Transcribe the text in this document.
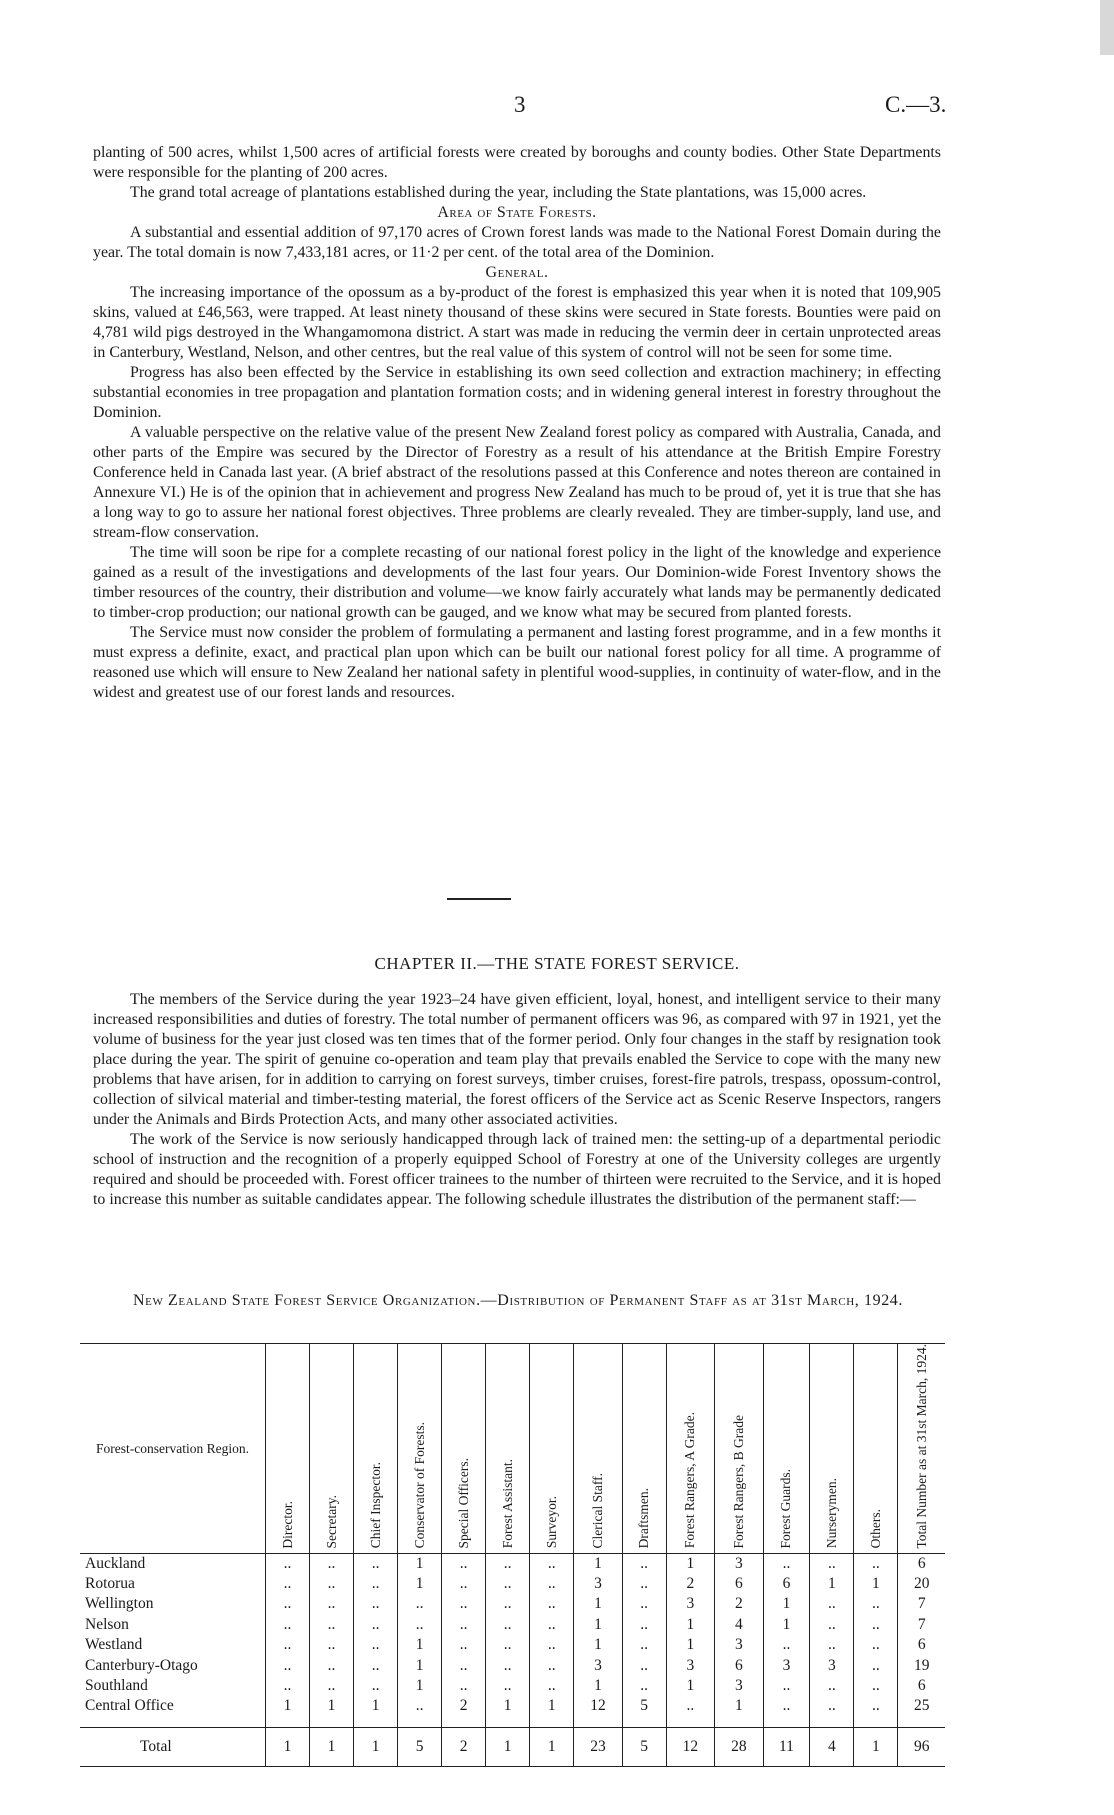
3	C.—3.

planting of 500 acres, whilst 1,500 acres of artificial forests were created by boroughs and county bodies. Other State Departments were responsible for the planting of 200 acres.

The grand total acreage of plantations established during the year, including the State plantations, was 15,000 acres.

Area of State Forests.

A substantial and essential addition of 97,170 acres of Crown forest lands was made to the National Forest Domain during the year. The total domain is now 7,433,181 acres, or 11·2 per cent. of the total area of the Dominion.

General.

The increasing importance of the opossum as a by-product of the forest is emphasized this year when it is noted that 109,905 skins, valued at £46,563, were trapped. At least ninety thousand of these skins were secured in State forests. Bounties were paid on 4,781 wild pigs destroyed in the Whangamomona district. A start was made in reducing the vermin deer in certain unprotected areas in Canterbury, Westland, Nelson, and other centres, but the real value of this system of control will not be seen for some time.

Progress has also been effected by the Service in establishing its own seed collection and extraction machinery; in effecting substantial economies in tree propagation and plantation formation costs; and in widening general interest in forestry throughout the Dominion.

A valuable perspective on the relative value of the present New Zealand forest policy as compared with Australia, Canada, and other parts of the Empire was secured by the Director of Forestry as a result of his attendance at the British Empire Forestry Conference held in Canada last year. (A brief abstract of the resolutions passed at this Conference and notes thereon are contained in Annexure VI.) He is of the opinion that in achievement and progress New Zealand has much to be proud of, yet it is true that she has a long way to go to assure her national forest objectives. Three problems are clearly revealed. They are timber-supply, land use, and stream-flow conservation.

The time will soon be ripe for a complete recasting of our national forest policy in the light of the knowledge and experience gained as a result of the investigations and developments of the last four years. Our Dominion-wide Forest Inventory shows the timber resources of the country, their distribution and volume—we know fairly accurately what lands may be permanently dedicated to timber-crop production; our national growth can be gauged, and we know what may be secured from planted forests.

The Service must now consider the problem of formulating a permanent and lasting forest programme, and in a few months it must express a definite, exact, and practical plan upon which can be built our national forest policy for all time. A programme of reasoned use which will ensure to New Zealand her national safety in plentiful wood-supplies, in continuity of water-flow, and in the widest and greatest use of our forest lands and resources.

CHAPTER II.—THE STATE FOREST SERVICE.

The members of the Service during the year 1923–24 have given efficient, loyal, honest, and intelligent service to their many increased responsibilities and duties of forestry. The total number of permanent officers was 96, as compared with 97 in 1921, yet the volume of business for the year just closed was ten times that of the former period. Only four changes in the staff by resignation took place during the year. The spirit of genuine co-operation and team play that prevails enabled the Service to cope with the many new problems that have arisen, for in addition to carrying on forest surveys, timber cruises, forest-fire patrols, trespass, opossum-control, collection of silvical material and timber-testing material, the forest officers of the Service act as Scenic Reserve Inspectors, rangers under the Animals and Birds Protection Acts, and many other associated activities.

The work of the Service is now seriously handicapped through lack of trained men: the setting-up of a departmental periodic school of instruction and the recognition of a properly equipped School of Forestry at one of the University colleges are urgently required and should be proceeded with. Forest officer trainees to the number of thirteen were recruited to the Service, and it is hoped to increase this number as suitable candidates appear. The following schedule illustrates the distribution of the permanent staff:—

New Zealand State Forest Service Organization.—Distribution of Permanent Staff as at 31st March, 1924.
Forest-conservation Region.	Director.	Secretary.	Chief Inspector.	Conservator of Forests.	Special Officers.	Forest Assistant.	Surveyor.	Clerical Staff.	Draftsmen.	Forest Rangers, A Grade.	Forest Rangers, B Grade	Forest Guards.	Nurserymen.	Others.	Total Number as at 31st March, 1924.

Auckland	..	..	..	1	..	..	..	1	..	1	3	..	..	..	6
Rotorua	..	..	..	1	..	..	..	3	..	2	6	6	1	1	20
Wellington	..	..	..	..	..	..	..	1	..	3	2	1	..	..	7
Nelson	..	..	..	..	..	..	..	1	..	1	4	1	..	..	7
Westland	..	..	..	1	..	..	..	1	..	1	3	..	..	..	6
Canterbury-Otago	..	..	..	1	..	..	..	3	..	3	6	3	3	..	19
Southland	..	..	..	1	..	..	..	1	..	1	3	..	..	..	6
Central Office	1	1	1	..	2	1	1	12	5	..	1	..	..	..	25

Total	1	1	1	5	2	1	1	23	5	12	28	11	4	1	96
